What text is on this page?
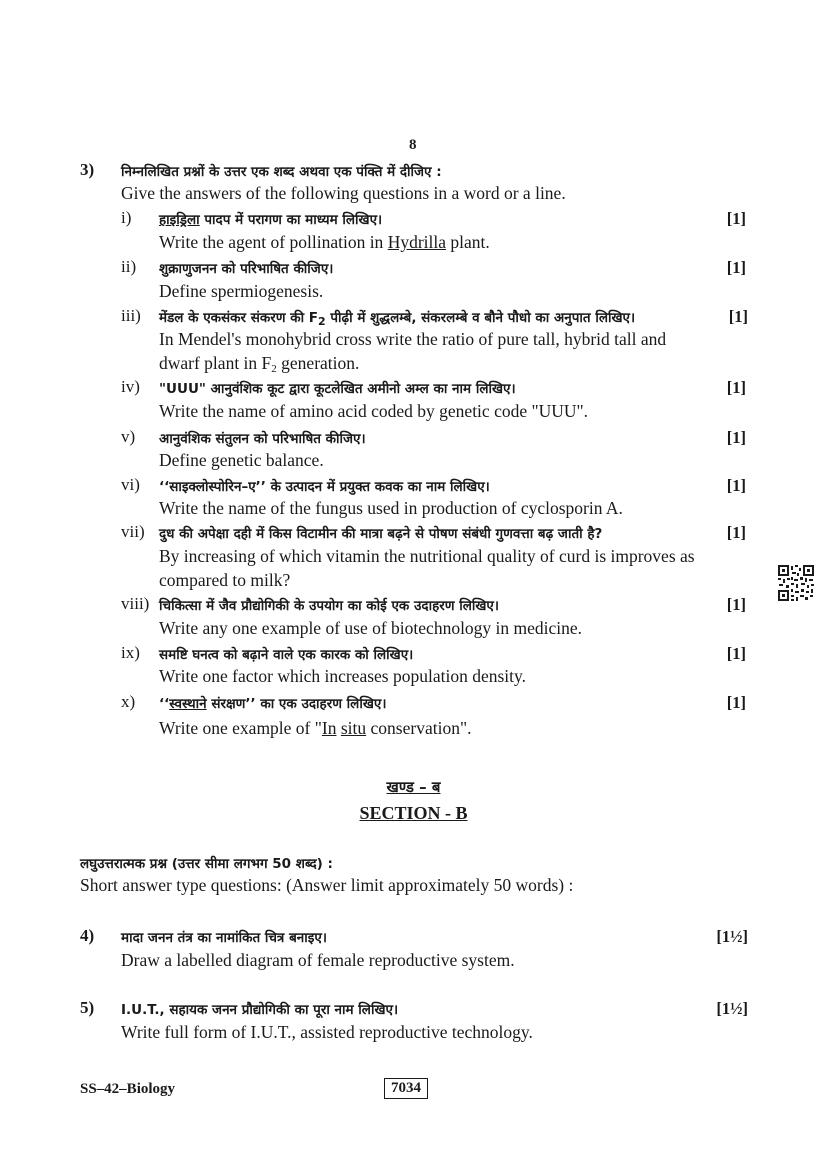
8
3) निम्नलिखित प्रश्नों के उत्तर एक शब्द अथवा एक पंक्ति में दीजिए :
Give the answers of the following questions in a word or a line.
i) हाइड्रिला पादप में परागण का माध्यम लिखिए।	[1]
Write the agent of pollination in Hydrilla plant.
ii) शुक्राणुजनन को परिभाषित कीजिए।	[1]
Define spermiogenesis.
iii) मेंडल के एकसंकर संकरण की $F_2$ पीढ़ी में शुद्धलम्बे, संकरलम्बे व बौने पौधो का अनुपात लिखिए।	[1]
In Mendel's monohybrid cross write the ratio of pure tall, hybrid tall and
dwarf plant in $F_2$ generation.
iv) "UUU" आनुवंशिक कूट द्वारा कूटलेखित अमीनो अम्ल का नाम लिखिए।	[1]
Write the name of amino acid coded by genetic code "UUU".
v) आनुवंशिक संतुलन को परिभाषित कीजिए।	[1]
Define genetic balance.
vi) ‘‘साइक्लोस्पोरिन–ए’’ के उत्पादन में प्रयुक्त कवक का नाम लिखिए।	[1]
Write the name of the fungus used in production of cyclosporin A.
vii) दुध की अपेक्षा दही में किस विटामीन की मात्रा बढ़ने से पोषण संबंधी गुणवत्ता बढ़ जाती है?	[1]
By increasing of which vitamin the nutritional quality of curd is improves as
compared to milk?
viii) चिकित्सा में जैव प्रौद्योगिकी के उपयोग का कोई एक उदाहरण लिखिए।	[1]
Write any one example of use of biotechnology in medicine.
ix) समष्टि घनत्व को बढ़ाने वाले एक कारक को लिखिए।	[1]
Write one factor which increases population density.
x) ‘‘स्वस्थाने संरक्षण’’ का एक उदाहरण लिखिए।	[1]
Write one example of "In situ conservation".
खण्ड – ब
SECTION - B
लघुउत्तरात्मक प्रश्न (उत्तर सीमा लगभग 50 शब्द) :
Short answer type questions: (Answer limit approximately 50 words) :
4) मादा जनन तंत्र का नामांकित चित्र बनाइए।	[1½]
Draw a labelled diagram of female reproductive system.
5) I.U.T., सहायक जनन प्रौद्योगिकी का पूरा नाम लिखिए।	[1½]
Write full form of I.U.T., assisted reproductive technology.
SS–42–Biology	7034
